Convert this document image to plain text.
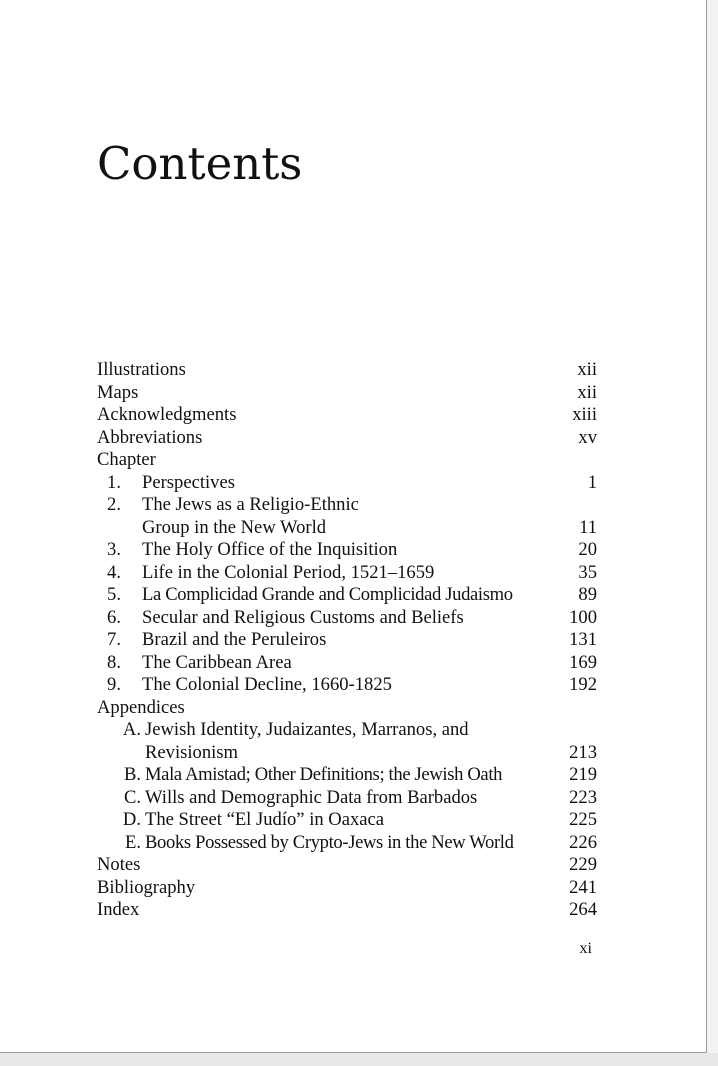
Contents
Illustrations	xii
Maps	xii
Acknowledgments	xiii
Abbreviations	xv
Chapter
1. Perspectives	1
2. The Jews as a Religio-Ethnic
Group in the New World	11
3. The Holy Office of the Inquisition	20
4. Life in the Colonial Period, 1521–1659	35
5. La Complicidad Grande and Complicidad Judaismo	89
6. Secular and Religious Customs and Beliefs	100
7. Brazil and the Peruleiros	131
8. The Caribbean Area	169
9. The Colonial Decline, 1660-1825	192
Appendices
A. Jewish Identity, Judaizantes, Marranos, and
Revisionism	213
B. Mala Amistad; Other Definitions; the Jewish Oath	219
C. Wills and Demographic Data from Barbados	223
D. The Street “El Judío” in Oaxaca	225
E. Books Possessed by Crypto-Jews in the New World	226
Notes	229
Bibliography	241
Index	264
xi
